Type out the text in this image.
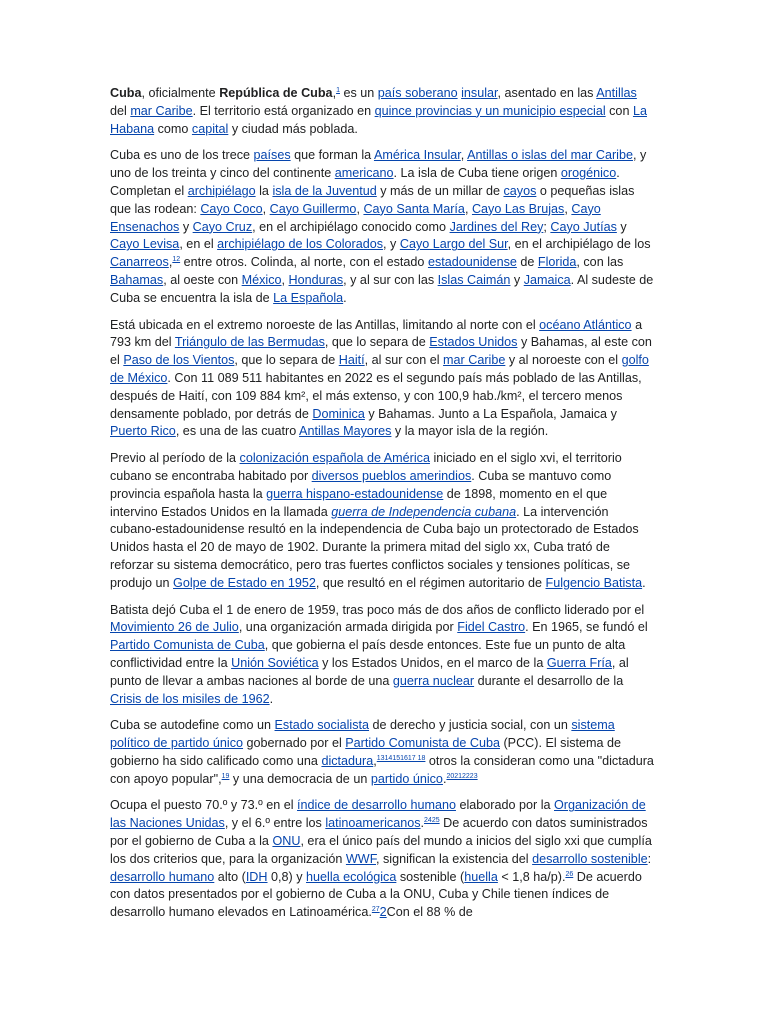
Cuba, oficialmente República de Cuba,$^1$ es un país soberano insular, asentado en las Antillas del mar Caribe. El territorio está organizado en quince provincias y un municipio especial con La Habana como capital y ciudad más poblada.

Cuba es uno de los trece países que forman la América Insular, Antillas o islas del mar Caribe, y uno de los treinta y cinco del continente americano. La isla de Cuba tiene origen orogénico. Completan el archipiélago la isla de la Juventud y más de un millar de cayos o pequeñas islas que las rodean: Cayo Coco, Cayo Guillermo, Cayo Santa María, Cayo Las Brujas, Cayo Ensenachos y Cayo Cruz, en el archipiélago conocido como Jardines del Rey; Cayo Jutías y Cayo Levisa, en el archipiélago de los Colorados, y Cayo Largo del Sur, en el archipiélago de los Canarreos,$^{12}$ entre otros. Colinda, al norte, con el estado estadounidense de Florida, con las Bahamas, al oeste con México, Honduras, y al sur con las Islas Caimán y Jamaica. Al sudeste de Cuba se encuentra la isla de La Española.

Está ubicada en el extremo noroeste de las Antillas, limitando al norte con el océano Atlántico a 793 km del Triángulo de las Bermudas, que lo separa de Estados Unidos y Bahamas, al este con el Paso de los Vientos, que lo separa de Haití, al sur con el mar Caribe y al noroeste con el golfo de México. Con 11 089 511 habitantes en 2022 es el segundo país más poblado de las Antillas, después de Haití, con 109 884 km², el más extenso, y con 100,9 hab./km², el tercero menos densamente poblado, por detrás de Dominica y Bahamas. Junto a La Española, Jamaica y Puerto Rico, es una de las cuatro Antillas Mayores y la mayor isla de la región.

Previo al período de la colonización española de América iniciado en el siglo xvi, el territorio cubano se encontraba habitado por diversos pueblos amerindios. Cuba se mantuvo como provincia española hasta la guerra hispano-estadounidense de 1898, momento en el que intervino Estados Unidos en la llamada guerra de Independencia cubana. La intervención cubano-estadounidense resultó en la independencia de Cuba bajo un protectorado de Estados Unidos hasta el 20 de mayo de 1902. Durante la primera mitad del siglo xx, Cuba trató de reforzar su sistema democrático, pero tras fuertes conflictos sociales y tensiones políticas, se produjo un Golpe de Estado en 1952, que resultó en el régimen autoritario de Fulgencio Batista.

Batista dejó Cuba el 1 de enero de 1959, tras poco más de dos años de conflicto liderado por el Movimiento 26 de Julio, una organización armada dirigida por Fidel Castro. En 1965, se fundó el Partido Comunista de Cuba, que gobierna el país desde entonces. Este fue un punto de alta conflictividad entre la Unión Soviética y los Estados Unidos, en el marco de la Guerra Fría, al punto de llevar a ambas naciones al borde de una guerra nuclear durante el desarrollo de la Crisis de los misiles de 1962.

Cuba se autodefine como un Estado socialista de derecho y justicia social, con un sistema político de partido único gobernado por el Partido Comunista de Cuba (PCC). El sistema de gobierno ha sido calificado como una dictadura,$^{1314151617 18}$ otros la consideran como una "dictadura con apoyo popular",$^{19}$ y una democracia de un partido único.$^{20212223}$

Ocupa el puesto 70.º y 73.º en el índice de desarrollo humano elaborado por la Organización de las Naciones Unidas, y el 6.º entre los latinoamericanos.$^{2425}$ De acuerdo con datos suministrados por el gobierno de Cuba a la ONU, era el único país del mundo a inicios del siglo xxi que cumplía los dos criterios que, para la organización WWF, significan la existencia del desarrollo sostenible: desarrollo humano alto (IDH 0,8) y huella ecológica sostenible (huella < 1,8 ha/p).$^{26}$ De acuerdo con datos presentados por el gobierno de Cuba a la ONU, Cuba y Chile tienen índices de desarrollo humano elevados en Latinoamérica.$^{27}$2Con el 88 % de
